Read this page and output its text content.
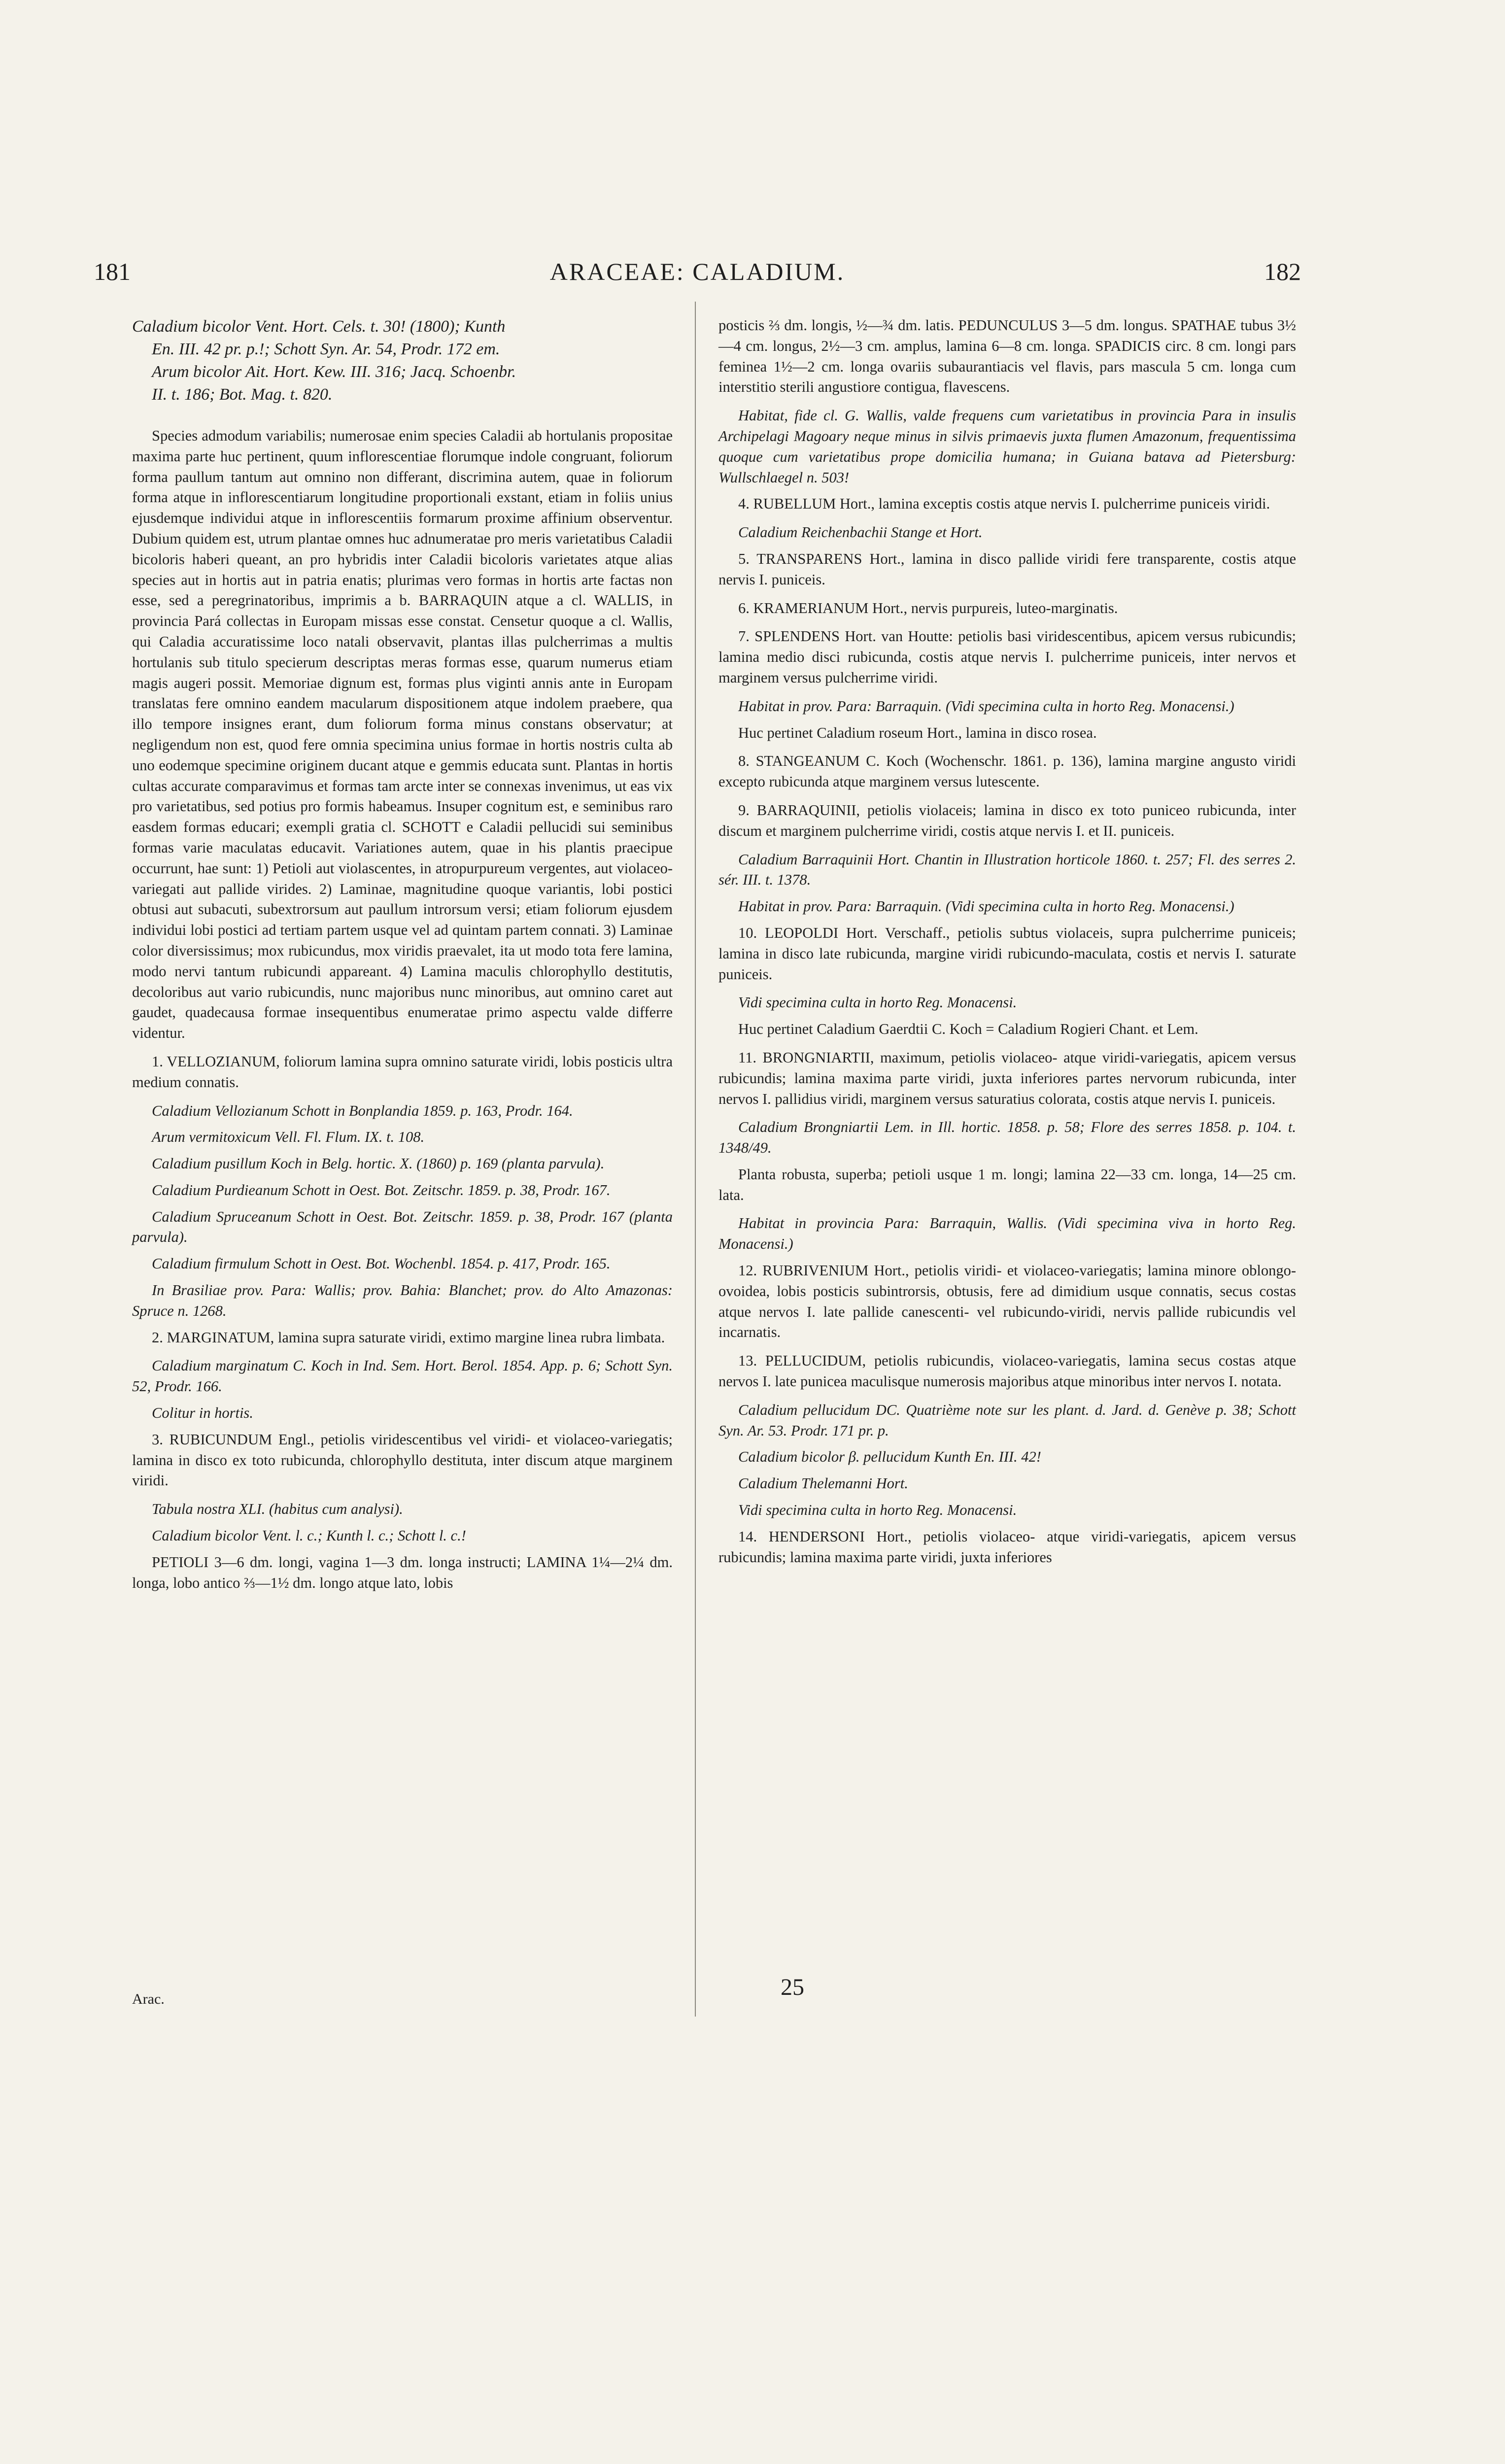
181	ARACEAE: CALADIUM.	182
Caladium bicolor Vent. Hort. Cels. t. 30! (1800); Kunth
En. III. 42 pr. p.!; Schott Syn. Ar. 54, Prodr. 172 em.
Arum bicolor Ait. Hort. Kew. III. 316; Jacq. Schoenbr.
II. t. 186; Bot. Mag. t. 820.

Species admodum variabilis; numerosae enim species Caladii ab hortulanis propositae maxima parte huc pertinent, quum inflorescentiae florumque indole congruant, foliorum forma paullum tantum aut omnino non differant, discrimina autem, quae in foliorum forma atque in inflorescentiarum longitudine proportionali exstant, etiam in foliis unius ejusdemque individui atque in inflorescentiis formarum proxime affinium observentur. Dubium quidem est, utrum plantae omnes huc adnumeratae pro meris varietatibus Caladii bicoloris haberi queant, an pro hybridis inter Caladii bicoloris varietates atque alias species aut in hortis aut in patria enatis; plurimas vero formas in hortis arte factas non esse, sed a peregrinatoribus, imprimis a b. BARRAQUIN atque a cl. WALLIS, in provincia Pará collectas in Europam missas esse constat. Censetur quoque a cl. Wallis, qui Caladia accuratissime loco natali observavit, plantas illas pulcherrimas a multis hortulanis sub titulo specierum descriptas meras formas esse, quarum numerus etiam magis augeri possit. Memoriae dignum est, formas plus viginti annis ante in Europam translatas fere omnino eandem macularum dispositionem atque indolem praebere, qua illo tempore insignes erant, dum foliorum forma minus constans observatur; at negligendum non est, quod fere omnia specimina unius formae in hortis nostris culta ab uno eodemque specimine originem ducant atque e gemmis educata sunt. Plantas in hortis cultas accurate comparavimus et formas tam arcte inter se connexas invenimus, ut eas vix pro varietatibus, sed potius pro formis habeamus. Insuper cognitum est, e seminibus raro easdem formas educari; exempli gratia cl. SCHOTT e Caladii pellucidi sui seminibus formas varie maculatas educavit. Variationes autem, quae in his plantis praecipue occurrunt, hae sunt: 1) Petioli aut violascentes, in atropurpureum vergentes, aut violaceo-variegati aut pallide virides. 2) Laminae, magnitudine quoque variantis, lobi postici obtusi aut subacuti, subextrorsum aut paullum introrsum versi; etiam foliorum ejusdem individui lobi postici ad tertiam partem usque vel ad quintam partem connati. 3) Laminae color diversissimus; mox rubicundus, mox viridis praevalet, ita ut modo tota fere lamina, modo nervi tantum rubicundi appareant. 4) Lamina maculis chlorophyllo destitutis, decoloribus aut vario rubicundis, nunc majoribus nunc minoribus, aut omnino caret aut gaudet, quadecausa formae insequentibus enumeratae primo aspectu valde differre videntur.

1. VELLOZIANUM, foliorum lamina supra omnino saturate viridi, lobis posticis ultra medium connatis.

Caladium Vellozianum Schott in Bonplandia 1859. p. 163, Prodr. 164.

Arum vermitoxicum Vell. Fl. Flum. IX. t. 108.

Caladium pusillum Koch in Belg. hortic. X. (1860) p. 169 (planta parvula).

Caladium Purdieanum Schott in Oest. Bot. Zeitschr. 1859. p. 38, Prodr. 167.

Caladium Spruceanum Schott in Oest. Bot. Zeitschr. 1859. p. 38, Prodr. 167 (planta parvula).

Caladium firmulum Schott in Oest. Bot. Wochenbl. 1854. p. 417, Prodr. 165.

In Brasiliae prov. Para: Wallis; prov. Bahia: Blanchet; prov. do Alto Amazonas: Spruce n. 1268.

2. MARGINATUM, lamina supra saturate viridi, extimo margine linea rubra limbata.

Caladium marginatum C. Koch in Ind. Sem. Hort. Berol. 1854. App. p. 6; Schott Syn. 52, Prodr. 166.

Colitur in hortis.

3. RUBICUNDUM Engl., petiolis viridescentibus vel viridi- et violaceo-variegatis; lamina in disco ex toto rubicunda, chlorophyllo destituta, inter discum atque marginem viridi.

Tabula nostra XLI. (habitus cum analysi).

Caladium bicolor Vent. l. c.; Kunth l. c.; Schott l. c.!

PETIOLI 3—6 dm. longi, vagina 1—3 dm. longa instructi; LAMINA 1¼—2¼ dm. longa, lobo antico ⅔—1½ dm. longo atque lato, lobis

posticis ⅔ dm. longis, ½—¾ dm. latis. PEDUNCULUS 3—5 dm. longus. SPATHAE tubus 3½—4 cm. longus, 2½—3 cm. amplus, lamina 6—8 cm. longa. SPADICIS circ. 8 cm. longi pars feminea 1½—2 cm. longa ovariis subaurantiacis vel flavis, pars mascula 5 cm. longa cum interstitio sterili angustiore contigua, flavescens.

Habitat, fide cl. G. Wallis, valde frequens cum varietatibus in provincia Para in insulis Archipelagi Magoary neque minus in silvis primaevis juxta flumen Amazonum, frequentissima quoque cum varietatibus prope domicilia humana; in Guiana batava ad Pietersburg: Wullschlaegel n. 503!

4. RUBELLUM Hort., lamina exceptis costis atque nervis I. pulcherrime puniceis viridi.

Caladium Reichenbachii Stange et Hort.

5. TRANSPARENS Hort., lamina in disco pallide viridi fere transparente, costis atque nervis I. puniceis.

6. KRAMERIANUM Hort., nervis purpureis, luteo-marginatis.

7. SPLENDENS Hort. van Houtte: petiolis basi viridescentibus, apicem versus rubicundis; lamina medio disci rubicunda, costis atque nervis I. pulcherrime puniceis, inter nervos et marginem versus pulcherrime viridi.

Habitat in prov. Para: Barraquin. (Vidi specimina culta in horto Reg. Monacensi.)

Huc pertinet Caladium roseum Hort., lamina in disco rosea.

8. STANGEANUM C. Koch (Wochenschr. 1861. p. 136), lamina margine angusto viridi excepto rubicunda atque marginem versus lutescente.

9. BARRAQUINII, petiolis violaceis; lamina in disco ex toto puniceo rubicunda, inter discum et marginem pulcherrime viridi, costis atque nervis I. et II. puniceis.

Caladium Barraquinii Hort. Chantin in Illustration horticole 1860. t. 257; Fl. des serres 2. sér. III. t. 1378.

Habitat in prov. Para: Barraquin. (Vidi specimina culta in horto Reg. Monacensi.)

10. LEOPOLDI Hort. Verschaff., petiolis subtus violaceis, supra pulcherrime puniceis; lamina in disco late rubicunda, margine viridi rubicundo-maculata, costis et nervis I. saturate puniceis.

Vidi specimina culta in horto Reg. Monacensi.

Huc pertinet Caladium Gaerdtii C. Koch = Caladium Rogieri Chant. et Lem.

11. BRONGNIARTII, maximum, petiolis violaceo- atque viridi-variegatis, apicem versus rubicundis; lamina maxima parte viridi, juxta inferiores partes nervorum rubicunda, inter nervos I. pallidius viridi, marginem versus saturatius colorata, costis atque nervis I. puniceis.

Caladium Brongniartii Lem. in Ill. hortic. 1858. p. 58; Flore des serres 1858. p. 104. t. 1348/49.

Planta robusta, superba; petioli usque 1 m. longi; lamina 22—33 cm. longa, 14—25 cm. lata.

Habitat in provincia Para: Barraquin, Wallis. (Vidi specimina viva in horto Reg. Monacensi.)

12. RUBRIVENIUM Hort., petiolis viridi- et violaceo-variegatis; lamina minore oblongo-ovoidea, lobis posticis subintrorsis, obtusis, fere ad dimidium usque connatis, secus costas atque nervos I. late pallide canescenti- vel rubicundo-viridi, nervis pallide rubicundis vel incarnatis.

13. PELLUCIDUM, petiolis rubicundis, violaceo-variegatis, lamina secus costas atque nervos I. late punicea maculisque numerosis majoribus atque minoribus inter nervos I. notata.

Caladium pellucidum DC. Quatrième note sur les plant. d. Jard. d. Genève p. 38; Schott Syn. Ar. 53. Prodr. 171 pr. p.

Caladium bicolor β. pellucidum Kunth En. III. 42!

Caladium Thelemanni Hort.

Vidi specimina culta in horto Reg. Monacensi.

14. HENDERSONI Hort., petiolis violaceo- atque viridi-variegatis, apicem versus rubicundis; lamina maxima parte viridi, juxta inferiores

Arac.	25
